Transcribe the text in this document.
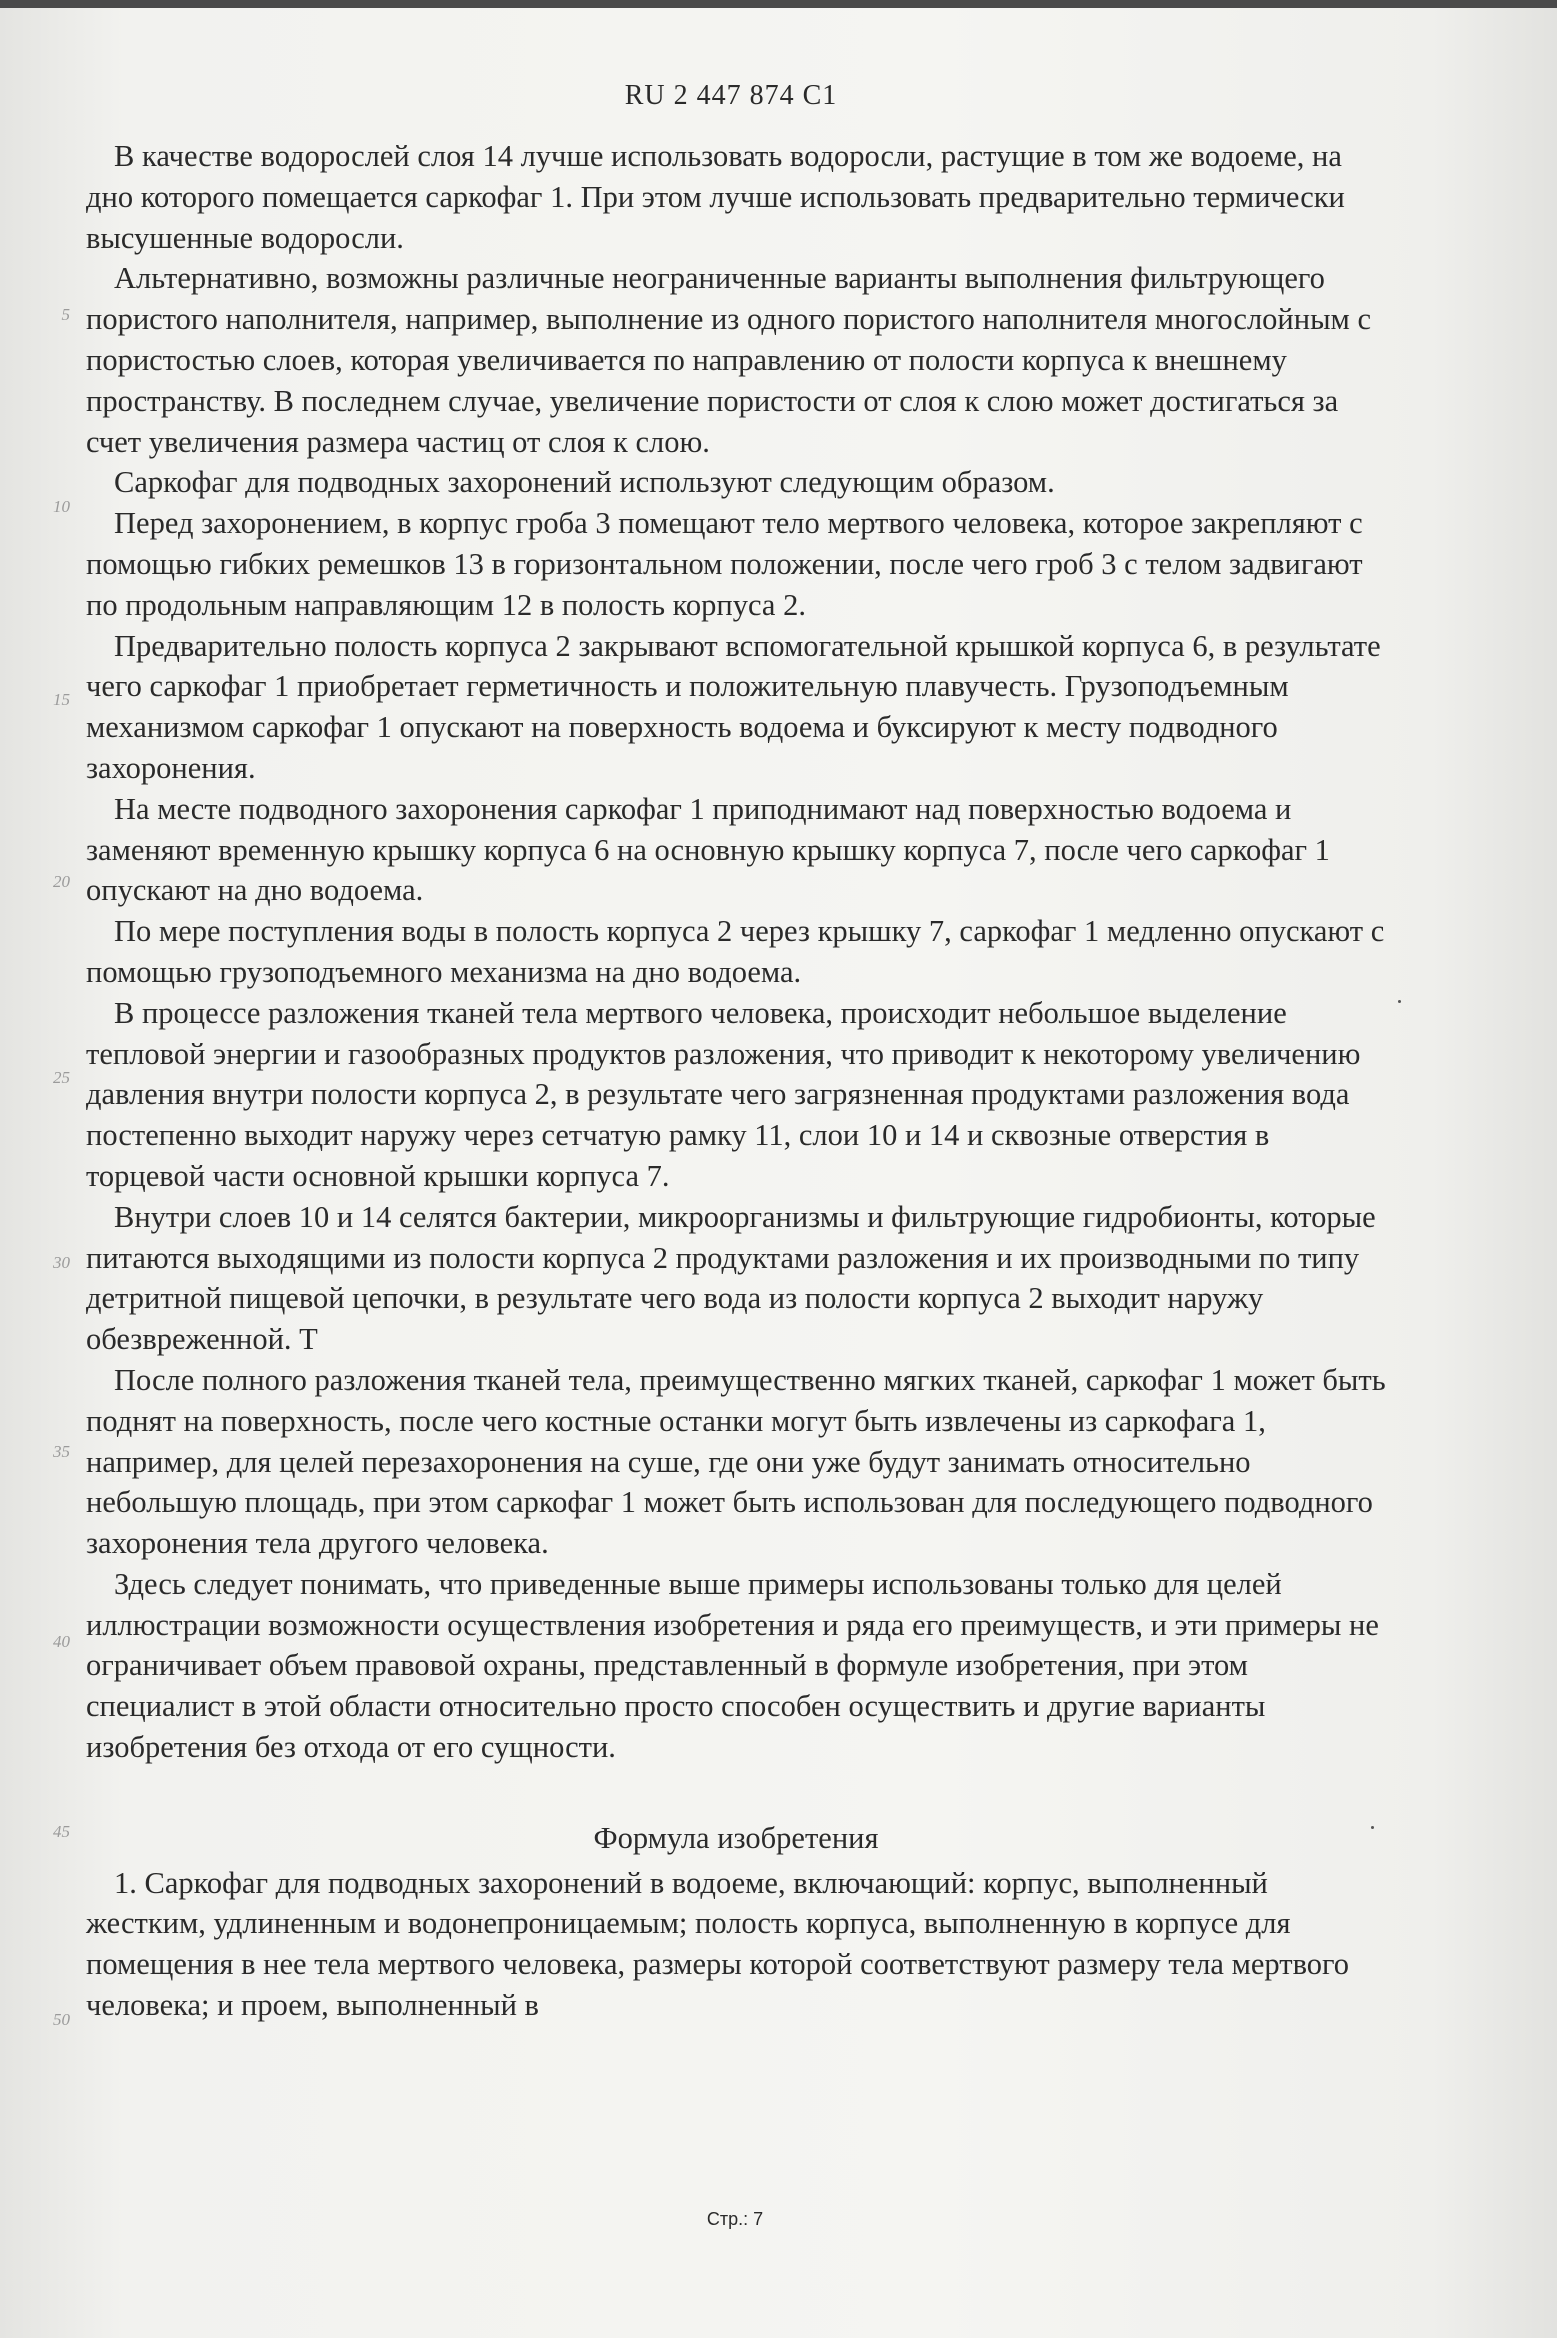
RU 2 447 874 C1
5
10
15
20
25
30
35
40
45
50

В качестве водорослей слоя 14 лучше использовать водоросли, растущие в том же водоеме, на дно которого помещается саркофаг 1. При этом лучше использовать предварительно термически высушенные водоросли.

Альтернативно, возможны различные неограниченные варианты выполнения фильтрующего пористого наполнителя, например, выполнение из одного пористого наполнителя многослойным с пористостью слоев, которая увеличивается по направлению от полости корпуса к внешнему пространству. В последнем случае, увеличение пористости от слоя к слою может достигаться за счет увеличения размера частиц от слоя к слою.

Саркофаг для подводных захоронений используют следующим образом.

Перед захоронением, в корпус гроба 3 помещают тело мертвого человека, которое закрепляют с помощью гибких ремешков 13 в горизонтальном положении, после чего гроб 3 с телом задвигают по продольным направляющим 12 в полость корпуса 2.

Предварительно полость корпуса 2 закрывают вспомогательной крышкой корпуса 6, в результате чего саркофаг 1 приобретает герметичность и положительную плавучесть. Грузоподъемным механизмом саркофаг 1 опускают на поверхность водоема и буксируют к месту подводного захоронения.

На месте подводного захоронения саркофаг 1 приподнимают над поверхностью водоема и заменяют временную крышку корпуса 6 на основную крышку корпуса 7, после чего саркофаг 1 опускают на дно водоема.

По мере поступления воды в полость корпуса 2 через крышку 7, саркофаг 1 медленно опускают с помощью грузоподъемного механизма на дно водоема.

В процессе разложения тканей тела мертвого человека, происходит небольшое выделение тепловой энергии и газообразных продуктов разложения, что приводит к некоторому увеличению давления внутри полости корпуса 2, в результате чего загрязненная продуктами разложения вода постепенно выходит наружу через сетчатую рамку 11, слои 10 и 14 и сквозные отверстия в торцевой части основной крышки корпуса 7.

Внутри слоев 10 и 14 селятся бактерии, микроорганизмы и фильтрующие гидробионты, которые питаются выходящими из полости корпуса 2 продуктами разложения и их производными по типу детритной пищевой цепочки, в результате чего вода из полости корпуса 2 выходит наружу обезвреженной. Т

После полного разложения тканей тела, преимущественно мягких тканей, саркофаг 1 может быть поднят на поверхность, после чего костные останки могут быть извлечены из саркофага 1, например, для целей перезахоронения на суше, где они уже будут занимать относительно небольшую площадь, при этом саркофаг 1 может быть использован для последующего подводного захоронения тела другого человека.

Здесь следует понимать, что приведенные выше примеры использованы только для целей иллюстрации возможности осуществления изобретения и ряда его преимуществ, и эти примеры не ограничивает объем правовой охраны, представленный в формуле изобретения, при этом специалист в этой области относительно просто способен осуществить и другие варианты изобретения без отхода от его сущности.

Формула изобретения

1. Саркофаг для подводных захоронений в водоеме, включающий: корпус, выполненный жестким, удлиненным и водонепроницаемым; полость корпуса, выполненную в корпусе для помещения в нее тела мертвого человека, размеры которой соответствуют размеру тела мертвого человека; и проем, выполненный в

Стр.: 7
